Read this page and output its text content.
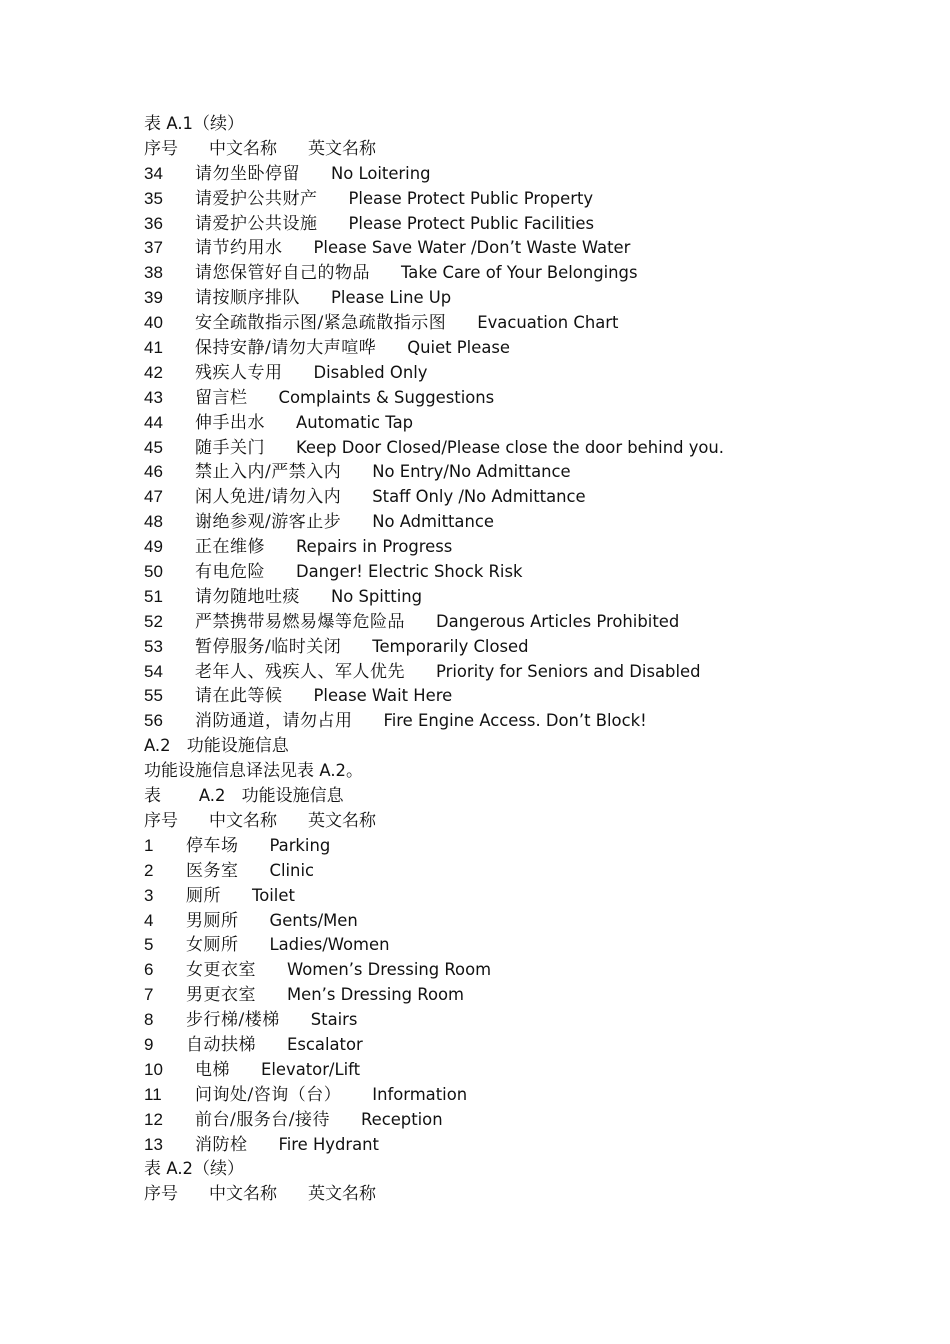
表 A.1（续）
序号 中文名称 英文名称
34 请勿坐卧停留 No Loitering
35 请爱护公共财产 Please Protect Public Property
36 请爱护公共设施 Please Protect Public Facilities
37 请节约用水 Please Save Water /Don’t Waste Water
38 请您保管好自己的物品 Take Care of Your Belongings
39 请按顺序排队 Please Line Up
40 安全疏散指示图/紧急疏散指示图 Evacuation Chart
41 保持安静/请勿大声喧哗 Quiet Please
42 残疾人专用 Disabled Only
43 留言栏 Complaints & Suggestions
44 伸手出水 Automatic Tap
45 随手关门 Keep Door Closed/Please close the door behind you.
46 禁止入内/严禁入内 No Entry/No Admittance
47 闲人免进/请勿入内 Staff Only /No Admittance
48 谢绝参观/游客止步 No Admittance
49 正在维修 Repairs in Progress
50 有电危险 Danger! Electric Shock Risk
51 请勿随地吐痰 No Spitting
52 严禁携带易燃易爆等危险品 Dangerous Articles Prohibited
53 暂停服务/临时关闭 Temporarily Closed
54 老年人、残疾人、军人优先 Priority for Seniors and Disabled
55 请在此等候 Please Wait Here
56 消防通道，请勿占用 Fire Engine Access. Don’t Block!
A.2 功能设施信息
功能设施信息译法见表 A.2。
表 A.2 功能设施信息
序号 中文名称 英文名称
1 停车场 Parking
2 医务室 Clinic
3 厕所 Toilet
4 男厕所 Gents/Men
5 女厕所 Ladies/Women
6 女更衣室 Women’s Dressing Room
7 男更衣室 Men’s Dressing Room
8 步行梯/楼梯 Stairs
9 自动扶梯 Escalator
10 电梯 Elevator/Lift
11 问询处/咨询（台） Information
12 前台/服务台/接待 Reception
13 消防栓 Fire Hydrant
表 A.2（续）
序号 中文名称 英文名称
